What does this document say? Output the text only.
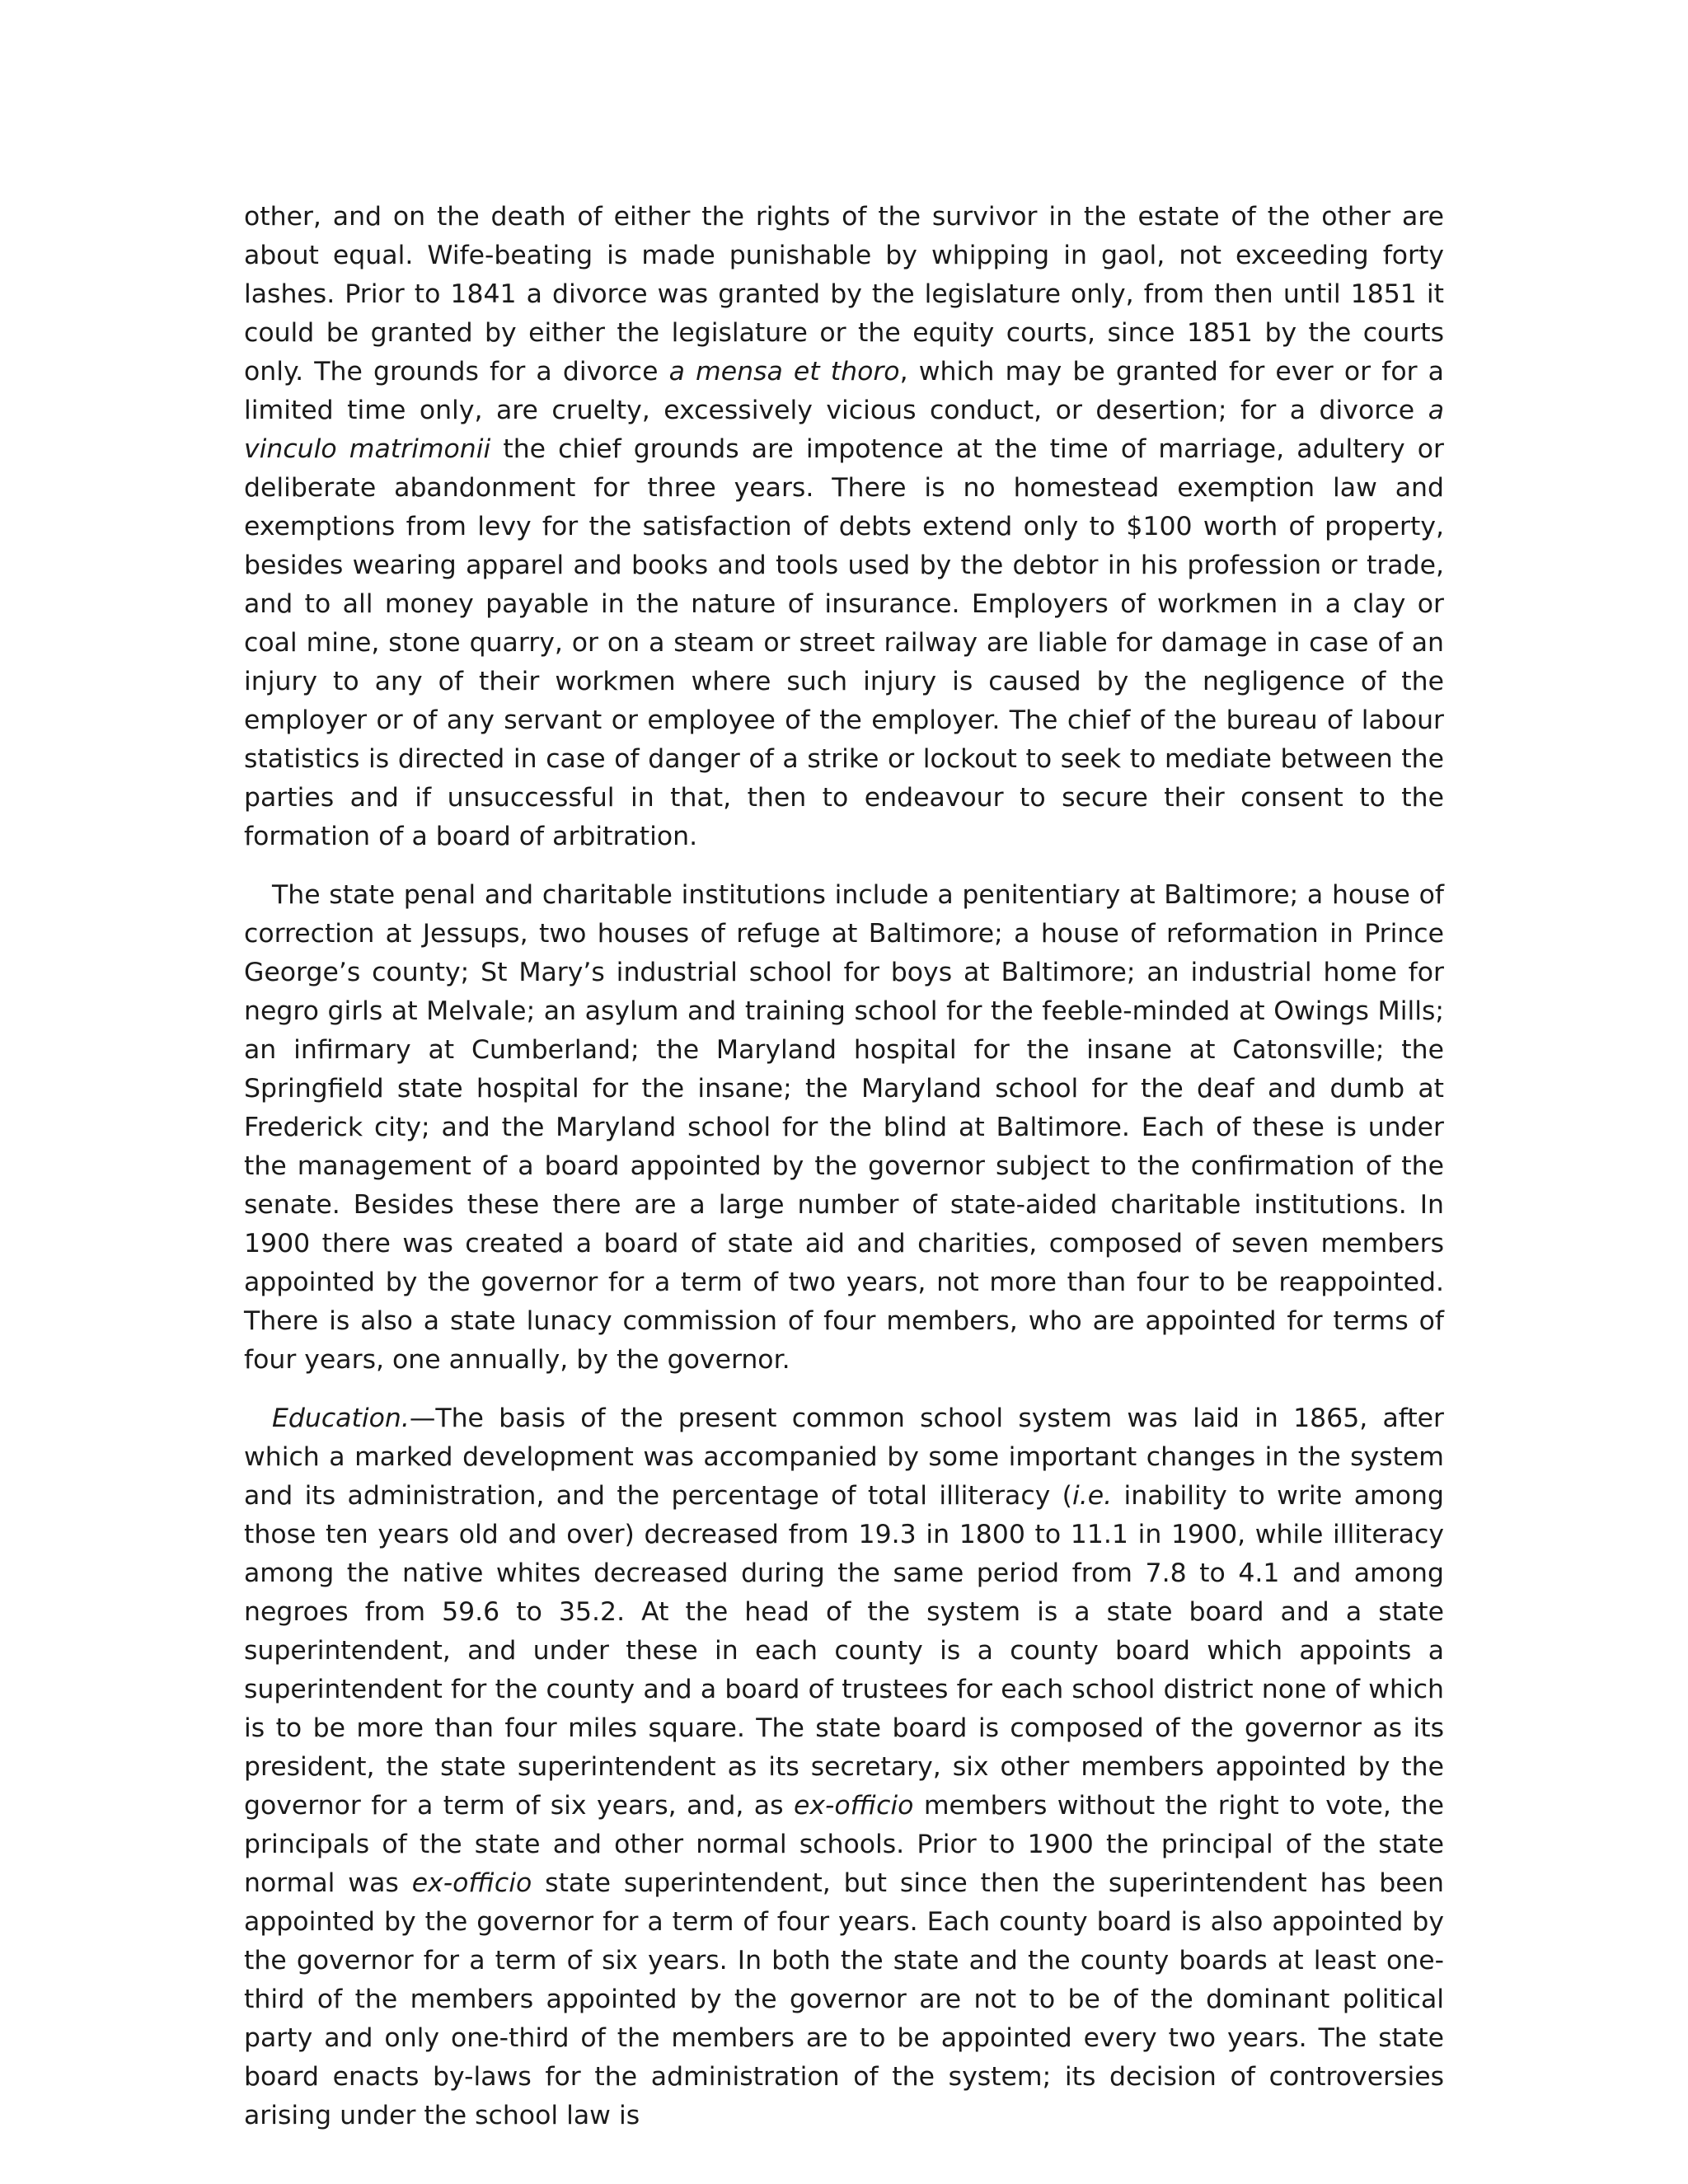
other, and on the death of either the rights of the survivor in the estate of the other are about equal. Wife-beating is made punishable by whipping in gaol, not exceeding forty lashes. Prior to 1841 a divorce was granted by the legislature only, from then until 1851 it could be granted by either the legislature or the equity courts, since 1851 by the courts only. The grounds for a divorce a mensa et thoro, which may be granted for ever or for a limited time only, are cruelty, excessively vicious conduct, or desertion; for a divorce a vinculo matrimonii the chief grounds are impotence at the time of marriage, adultery or deliberate abandonment for three years. There is no homestead exemption law and exemptions from levy for the satisfaction of debts extend only to $100 worth of property, besides wearing apparel and books and tools used by the debtor in his profession or trade, and to all money payable in the nature of insurance. Employers of workmen in a clay or coal mine, stone quarry, or on a steam or street railway are liable for damage in case of an injury to any of their workmen where such injury is caused by the negligence of the employer or of any servant or employee of the employer. The chief of the bureau of labour statistics is directed in case of danger of a strike or lockout to seek to mediate between the parties and if unsuccessful in that, then to endeavour to secure their consent to the formation of a board of arbitration.

The state penal and charitable institutions include a penitentiary at Baltimore; a house of correction at Jessups, two houses of refuge at Baltimore; a house of reformation in Prince George’s county; St Mary’s industrial school for boys at Baltimore; an industrial home for negro girls at Melvale; an asylum and training school for the feeble-minded at Owings Mills; an infirmary at Cumberland; the Maryland hospital for the insane at Catonsville; the Springfield state hospital for the insane; the Maryland school for the deaf and dumb at Frederick city; and the Maryland school for the blind at Baltimore. Each of these is under the management of a board appointed by the governor subject to the confirmation of the senate. Besides these there are a large number of state-aided charitable institutions. In 1900 there was created a board of state aid and charities, composed of seven members appointed by the governor for a term of two years, not more than four to be reappointed. There is also a state lunacy commission of four members, who are appointed for terms of four years, one annually, by the governor.

Education.—The basis of the present common school system was laid in 1865, after which a marked development was accompanied by some important changes in the system and its administration, and the percentage of total illiteracy (i.e. inability to write among those ten years old and over) decreased from 19.3 in 1800 to 11.1 in 1900, while illiteracy among the native whites decreased during the same period from 7.8 to 4.1 and among negroes from 59.6 to 35.2. At the head of the system is a state board and a state superintendent, and under these in each county is a county board which appoints a superintendent for the county and a board of trustees for each school district none of which is to be more than four miles square. The state board is composed of the governor as its president, the state superintendent as its secretary, six other members appointed by the governor for a term of six years, and, as ex-officio members without the right to vote, the principals of the state and other normal schools. Prior to 1900 the principal of the state normal was ex-officio state superintendent, but since then the superintendent has been appointed by the governor for a term of four years. Each county board is also appointed by the governor for a term of six years. In both the state and the county boards at least one-third of the members appointed by the governor are not to be of the dominant political party and only one-third of the members are to be appointed every two years. The state board enacts by-laws for the administration of the system; its decision of controversies arising under the school law is
